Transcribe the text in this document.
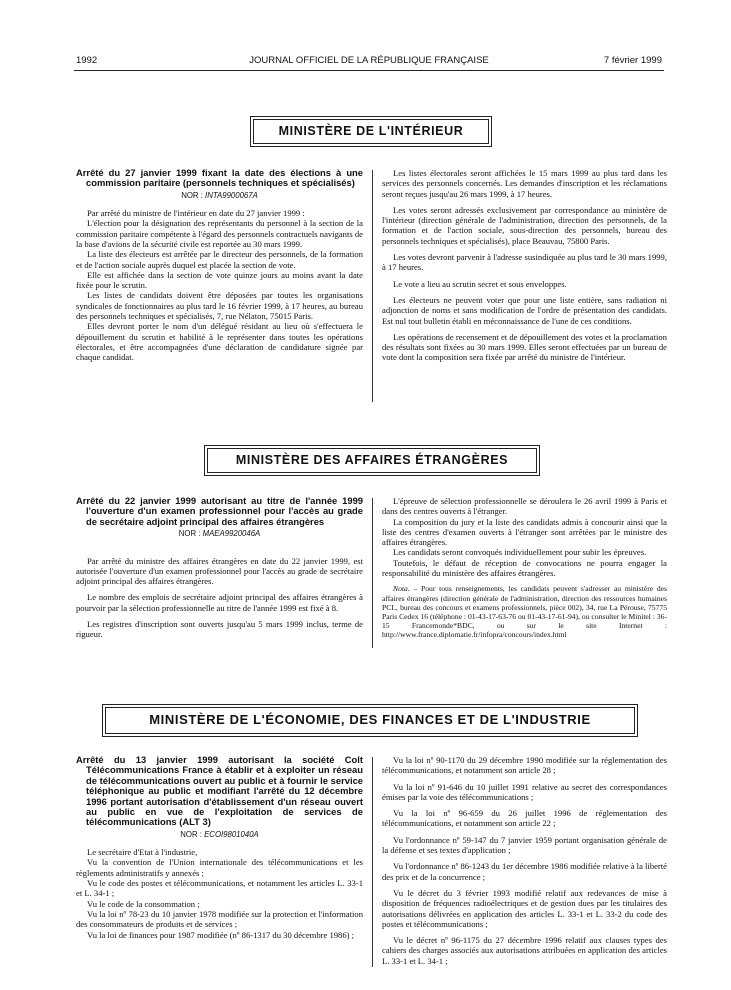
1992	JOURNAL OFFICIEL DE LA RÉPUBLIQUE FRANÇAISE	7 février 1999
MINISTÈRE DE L'INTÉRIEUR
Arrêté du 27 janvier 1999 fixant la date des élections à une commission paritaire (personnels techniques et spécialisés)
NOR : INTA9900067A

Par arrêté du ministre de l'intérieur en date du 27 janvier 1999 :

L'élection pour la désignation des représentants du personnel à la section de la commission paritaire compétente à l'égard des personnels contractuels navigants de la base d'avions de la sécurité civile est reportée au 30 mars 1999.

La liste des électeurs est arrêtée par le directeur des personnels, de la formation et de l'action sociale auprès duquel est placée la section de vote.

Elle est affichée dans la section de vote quinze jours au moins avant la date fixée pour le scrutin.

Les listes de candidats doivent être déposées par toutes les organisations syndicales de fonctionnaires au plus tard le 16 février 1999, à 17 heures, au bureau des personnels techniques et spécialisés, 7, rue Nélaton, 75015 Paris.

Elles devront porter le nom d'un délégué résidant au lieu où s'effectuera le dépouillement du scrutin et habilité à le représenter dans toutes les opérations électorales, et être accompagnées d'une déclaration de candidature signée par chaque candidat.

Les listes électorales seront affichées le 15 mars 1999 au plus tard dans les services des personnels concernés. Les demandes d'inscription et les réclamations seront reçues jusqu'au 26 mars 1999, à 17 heures.

Les votes seront adressés exclusivement par correspondance au ministère de l'intérieur (direction générale de l'administration, direction des personnels, de la formation et de l'action sociale, sous-direction des personnels, bureau des personnels techniques et spécialisés), place Beauvau, 75800 Paris.

Les votes devront parvenir à l'adresse susindiquée au plus tard le 30 mars 1999, à 17 heures.

Le vote a lieu au scrutin secret et sous enveloppes.

Les électeurs ne peuvent voter que pour une liste entière, sans radiation ni adjonction de noms et sans modification de l'ordre de présentation des candidats. Est nul tout bulletin établi en méconnaissance de l'une de ces conditions.

Les opérations de recensement et de dépouillement des votes et la proclamation des résultats sont fixées au 30 mars 1999. Elles seront effectuées par un bureau de vote dont la composition sera fixée par arrêté du ministre de l'intérieur.

MINISTÈRE DES AFFAIRES ÉTRANGÈRES
Arrêté du 22 janvier 1999 autorisant au titre de l'année 1999 l'ouverture d'un examen professionnel pour l'accès au grade de secrétaire adjoint principal des affaires étrangères
NOR : MAEA9920046A

Par arrêté du ministre des affaires étrangères en date du 22 janvier 1999, est autorisée l'ouverture d'un examen professionnel pour l'accès au grade de secrétaire adjoint principal des affaires étrangères.

Le nombre des emplois de secrétaire adjoint principal des affaires étrangères à pourvoir par la sélection professionnelle au titre de l'année 1999 est fixé à 8.

Les registres d'inscription sont ouverts jusqu'au 5 mars 1999 inclus, terme de rigueur.

L'épreuve de sélection professionnelle se déroulera le 26 avril 1999 à Paris et dans des centres ouverts à l'étranger.

La composition du jury et la liste des candidats admis à concourir ainsi que la liste des centres d'examen ouverts à l'étranger sont arrêtées par le ministre des affaires étrangères.

Les candidats seront convoqués individuellement pour subir les épreuves.

Toutefois, le défaut de réception de convocations ne pourra engager la responsabilité du ministère des affaires étrangères.

Nota. – Pour tous renseignements, les candidats peuvent s'adresser au ministère des affaires étrangères (direction générale de l'administration, direction des ressources humaines PCL, bureau des concours et examens professionnels, pièce 002), 34, rue La Pérouse, 75775 Paris Cedex 16 (téléphone : 01-43-17-63-76 ou 01-43-17-61-94), ou consulter le Minitel : 36-15 Francemonde*BDC, ou sur le site Internet : http://www.france.diplomatie.fr/infopra/concours/index.html

MINISTÈRE DE L'ÉCONOMIE, DES FINANCES ET DE L'INDUSTRIE
Arrêté du 13 janvier 1999 autorisant la société Colt Télécommunications France à établir et à exploiter un réseau de télécommunications ouvert au public et à fournir le service téléphonique au public et modifiant l'arrêté du 12 décembre 1996 portant autorisation d'établissement d'un réseau ouvert au public en vue de l'exploitation de services de télécommunications (ALT 3)
NOR : ECOI9801040A

Le secrétaire d'Etat à l'industrie,

Vu la convention de l'Union internationale des télécommunications et les règlements administratifs y annexés ;

Vu le code des postes et télécommunications, et notamment les articles L. 33-1 et L. 34-1 ;

Vu le code de la consommation ;

Vu la loi nº 78-23 du 10 janvier 1978 modifiée sur la protection et l'information des consommateurs de produits et de services ;

Vu la loi de finances pour 1987 modifiée (nº 86-1317 du 30 décembre 1986) ;

Vu la loi nº 90-1170 du 29 décembre 1990 modifiée sur la réglementation des télécommunications, et notamment son article 28 ;

Vu la loi nº 91-646 du 10 juillet 1991 relative au secret des correspondances émises par la voie des télécommunications ;

Vu la loi nº 96-659 du 26 juillet 1996 de réglementation des télécommunications, et notamment son article 22 ;

Vu l'ordonnance nº 59-147 du 7 janvier 1959 portant organisation générale de la défense et ses textes d'application ;

Vu l'ordonnance nº 86-1243 du 1er décembre 1986 modifiée relative à la liberté des prix et de la concurrence ;

Vu le décret du 3 février 1993 modifié relatif aux redevances de mise à disposition de fréquences radioélectriques et de gestion dues par les titulaires des autorisations délivrées en application des articles L. 33-1 et L. 33-2 du code des postes et télécommunications ;

Vu le décret nº 96-1175 du 27 décembre 1996 relatif aux clauses types des cahiers des charges associés aux autorisations attribuées en application des articles L. 33-1 et L. 34-1 ;
